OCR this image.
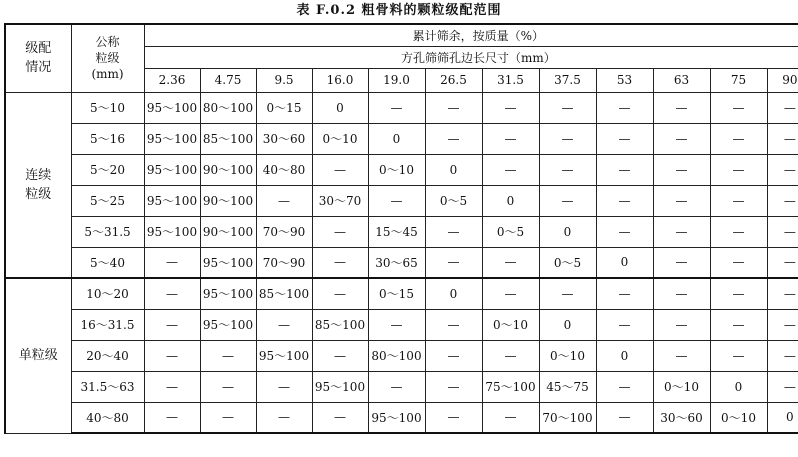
表 F.0.2 粗骨料的颗粒级配范围
级配
情况	公称
粒级
(mm)	累计筛余，按质量（%）											
		方孔筛筛孔边长尺寸（mm）											
		2.36	4.75	9.5	16.0	19.0	26.5	31.5	37.5	53	63	75	90

连续
粒级	5～10	95～100	80～100	0～15	0	—	—	—	—	—	—	—	—
	5～16	95～100	85～100	30～60	0～10	0	—	—	—	—	—	—	—
	5～20	95～100	90～100	40～80	—	0～10	0	—	—	—	—	—	—
	5～25	95～100	90～100	—	30～70	—	0～5	0	—	—	—	—	—
	5～31.5	95～100	90～100	70～90	—	15～45	—	0～5	0	—	—	—	—
	5～40	—	95～100	70～90	—	30～65	—	—	0～5	0	—	—	—

单粒级	10～20	—	95～100	85～100	—	0～15	0	—	—	—	—	—	—
	16～31.5	—	95～100	—	85～100	—	—	0～10	0	—	—	—	—
	20～40	—	—	95～100	—	80～100	—	—	0～10	0	—	—	—
	31.5～63	—	—	—	95～100	—	—	75～100	45～75	—	0～10	0	—
	40～80	—	—	—	—	95～100	—	—	70～100	—	30～60	0～10	0
